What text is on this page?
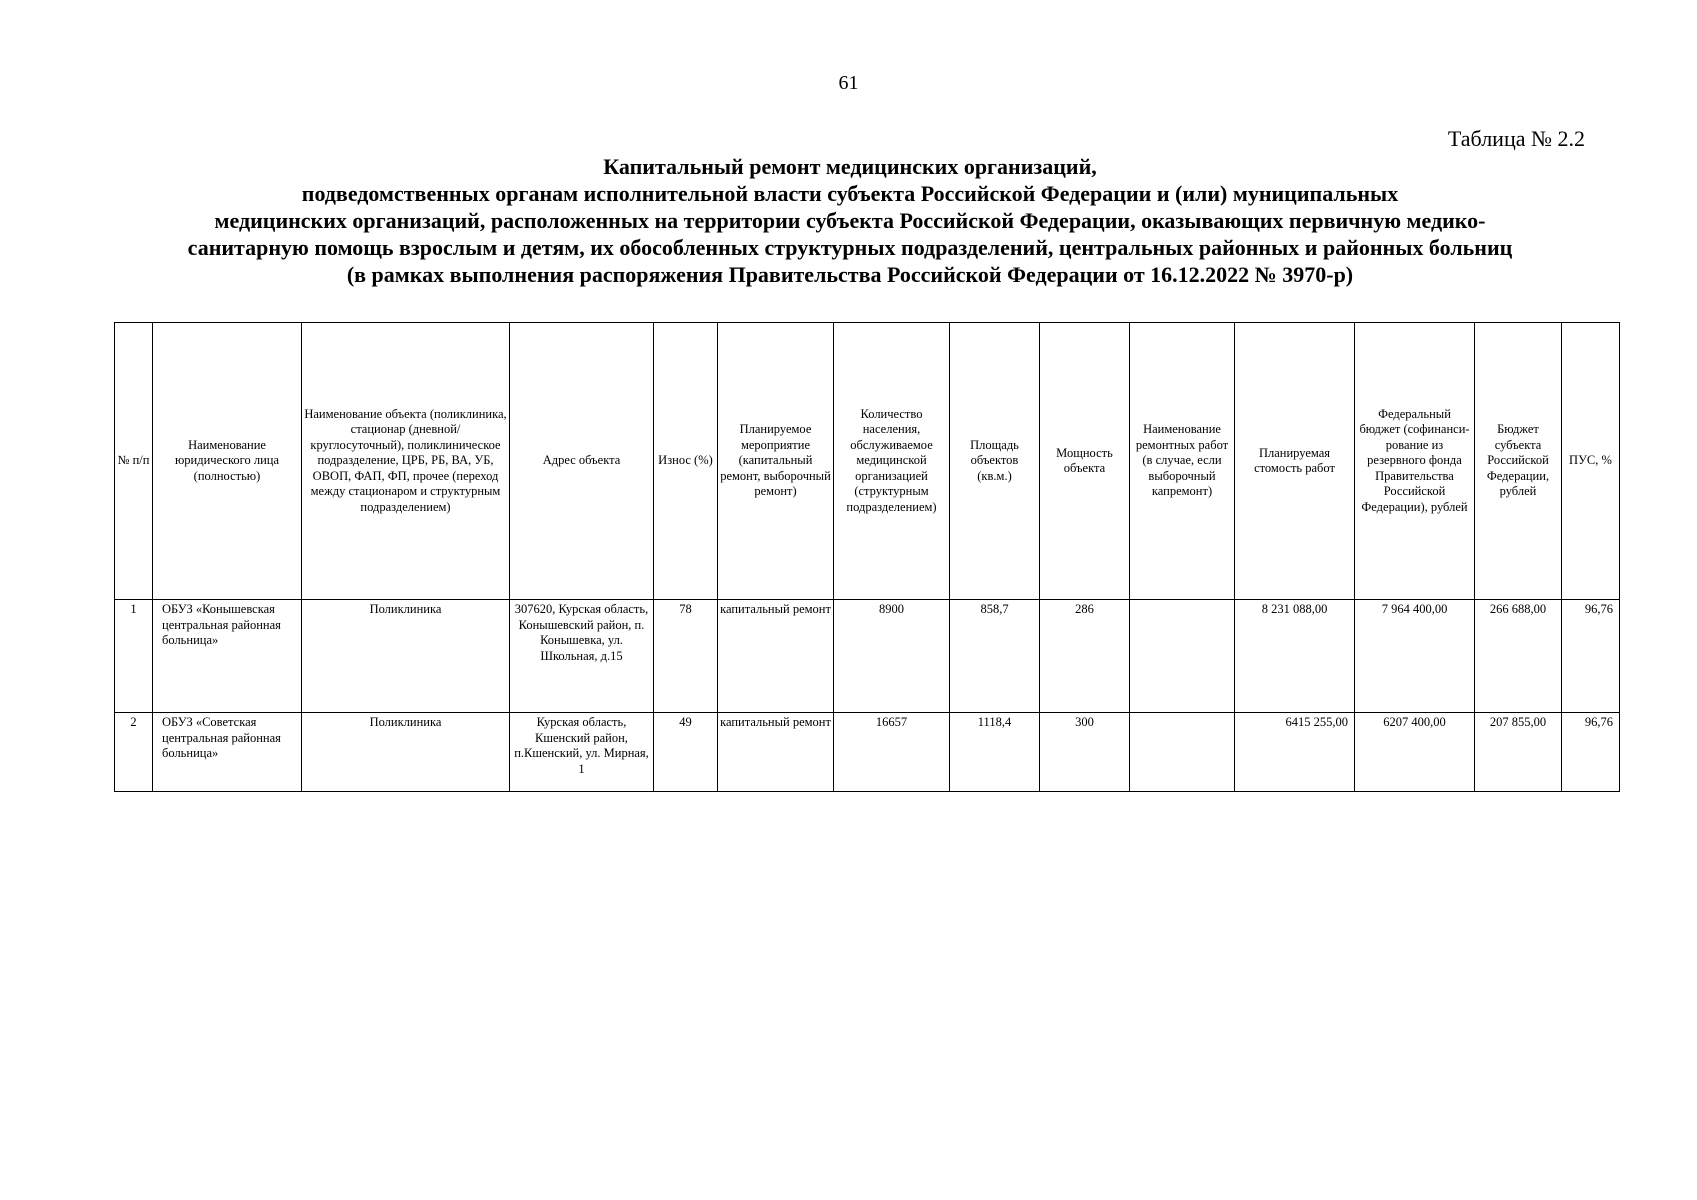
61
Таблица № 2.2
Капитальный ремонт медицинских организаций,
подведомственных органам исполнительной власти субъекта Российской Федерации и (или) муниципальных
медицинских организаций, расположенных на территории субъекта Российской Федерации, оказывающих первичную медико-
санитарную помощь взрослым и детям, их обособленных структурных подразделений, центральных районных и районных больниц
(в рамках выполнения распоряжения Правительства Российской Федерации от 16.12.2022 № 3970-р)
№ п/п	Наименование юридического лица (полностью)	Наименование объекта (поликлиника, стационар (дневной/круглосуточный), поликлиническое подразделение, ЦРБ, РБ, ВА, УБ, ОВОП, ФАП, ФП, прочее (переход между стационаром и структурным подразделением)	Адрес объекта	Износ (%)	Планируемое мероприятие (капитальный ремонт, выборочный ремонт)	Количество населения, обслуживаемое медицинской организацией (структурным подразделением)	Площадь объектов (кв.м.)	Мощность объекта	Наименование ремонтных работ (в случае, если выборочный капремонт)	Планируемая стомость работ	Федеральный бюджет (софинанси-рование из резервного фонда Правительства Российской Федерации), рублей	Бюджет субъекта Российской Федерации, рублей	ПУС, %
1	ОБУЗ «Конышевская центральная районная больница»	Поликлиника	307620, Курская область, Конышевский район, п. Конышевка, ул. Школьная, д.15	78	капитальный ремонт	8900	858,7	286		8 231 088,00	7 964 400,00	266 688,00	96,76
2	ОБУЗ «Советская центральная районная больница»	Поликлиника	Курская область, Кшенский район, п.Кшенский, ул. Мирная, 1	49	капитальный ремонт	16657	1118,4	300		6415 255,00	6207 400,00	207 855,00	96,76
